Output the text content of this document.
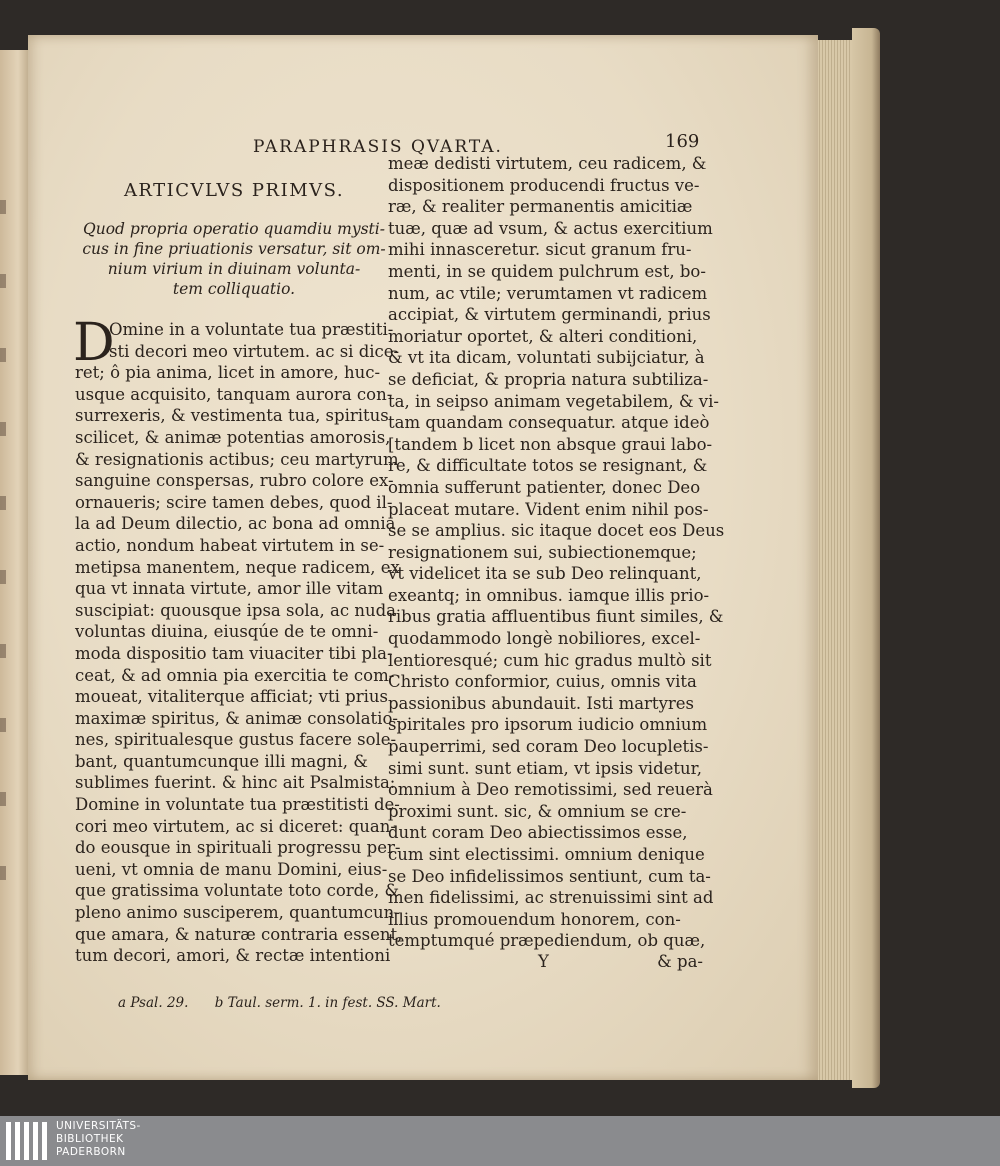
PARAPHRASIS QVARTA.	169
ARTICVLVS PRIMVS.
Quod propria operatio quamdiu mysti-
cus in fine priuationis versatur, sit om-
nium virium in diuinam volunta-
tem colliquatio.
D
Omine in a voluntate tua præstiti-
sti decori meo virtutem. ac si dice-
ret; ô pia anima, licet in amore, huc-
usque acquisito, tanquam aurora con-
surrexeris, & vestimenta tua, spiritus
scilicet, & animæ potentias amorosis,
& resignationis actibus; ceu martyrum
sanguine conspersas, rubro colore ex-
ornaueris; scire tamen debes, quod il-
la ad Deum dilectio, ac bona ad omnia
actio, nondum habeat virtutem in se-
metipsa manentem, neque radicem, ex
qua vt innata virtute, amor ille vitam
suscipiat: quousque ipsa sola, ac nuda
voluntas diuina, eiusqúe de te omni-
moda dispositio tam viuaciter tibi pla-
ceat, & ad omnia pia exercitia te com-
moueat, vitaliterque afficiat; vti prius
maximæ spiritus, & animæ consolatio-
nes, spiritualesque gustus facere sole-
bant, quantumcunque illi magni, &
sublimes fuerint. & hinc ait Psalmista:
Domine in voluntate tua præstitisti de-
cori meo virtutem, ac si diceret: quan-
do eousque in spirituali progressu per-
ueni, vt omnia de manu Domini, eius-
que gratissima voluntate toto corde, &
pleno animo susciperem, quantumcun-
que amara, & naturæ contraria essent,
tum decori, amori, & rectæ intentioni
meæ dedisti virtutem, ceu radicem, &
dispositionem producendi fructus ve-
ræ, & realiter permanentis amicitiæ
tuæ, quæ ad vsum, & actus exercitium
mihi innasceretur. sicut granum fru-
menti, in se quidem pulchrum est, bo-
num, ac vtile; verumtamen vt radicem
accipiat, & virtutem germinandi, prius
moriatur oportet, & alteri conditioni,
& vt ita dicam, voluntati subijciatur, à
se deficiat, & propria natura subtiliza-
ta, in seipso animam vegetabilem, & vi-
tam quandam consequatur. atque ideò
[tandem b licet non absque graui labo-
re, & difficultate totos se resignant, &
omnia sufferunt patienter, donec Deo
placeat mutare. Vident enim nihil pos-
se se amplius. sic itaque docet eos Deus
resignationem sui, subiectionemque;
vt videlicet ita se sub Deo relinquant,
exeantq; in omnibus. iamque illis prio-
ribus gratia affluentibus fiunt similes, &
quodammodo longè nobiliores, excel-
lentioresqué; cum hic gradus multò sit
Christo conformior, cuius, omnis vita
passionibus abundauit. Isti martyres
spiritales pro ipsorum iudicio omnium
pauperrimi, sed coram Deo locupletis-
simi sunt. sunt etiam, vt ipsis videtur,
omnium à Deo remotissimi, sed reuerà
proximi sunt. sic, & omnium se cre-
dunt coram Deo abiectissimos esse,
cum sint electissimi. omnium denique
se Deo infidelissimos sentiunt, cum ta-
men fidelissimi, ac strenuissimi sint ad
illius promouendum honorem, con-
temptumqué præpediendum, ob quæ,
Y	& pa-
a Psal. 29. b Taul. serm. 1. in fest. SS. Mart.
UNIVERSITÄTS-
BIBLIOTHEK
PADERBORN
